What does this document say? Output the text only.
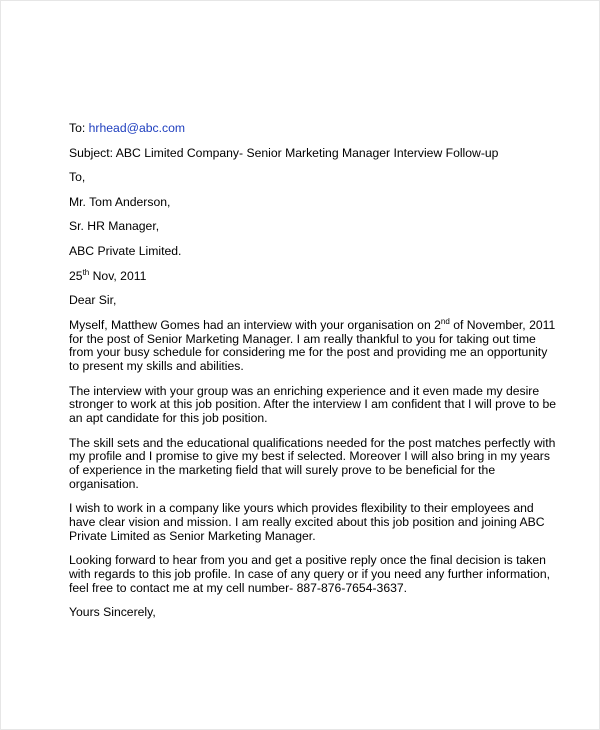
To: hrhead@abc.com

Subject: ABC Limited Company- Senior Marketing Manager Interview Follow-up

To,

Mr. Tom Anderson,

Sr. HR Manager,

ABC Private Limited.

25th Nov, 2011

Dear Sir,

Myself, Matthew Gomes had an interview with your organisation on 2nd of November, 2011
for the post of Senior Marketing Manager. I am really thankful to you for taking out time
from your busy schedule for considering me for the post and providing me an opportunity
to present my skills and abilities.
The interview with your group was an enriching experience and it even made my desire
stronger to work at this job position. After the interview I am confident that I will prove to be
an apt candidate for this job position.
The skill sets and the educational qualifications needed for the post matches perfectly with
my profile and I promise to give my best if selected. Moreover I will also bring in my years
of experience in the marketing field that will surely prove to be beneficial for the
organisation.
I wish to work in a company like yours which provides flexibility to their employees and
have clear vision and mission. I am really excited about this job position and joining ABC
Private Limited as Senior Marketing Manager.
Looking forward to hear from you and get a positive reply once the final decision is taken
with regards to this job profile. In case of any query or if you need any further information,
feel free to contact me at my cell number- 887-876-7654-3637.

Yours Sincerely,
